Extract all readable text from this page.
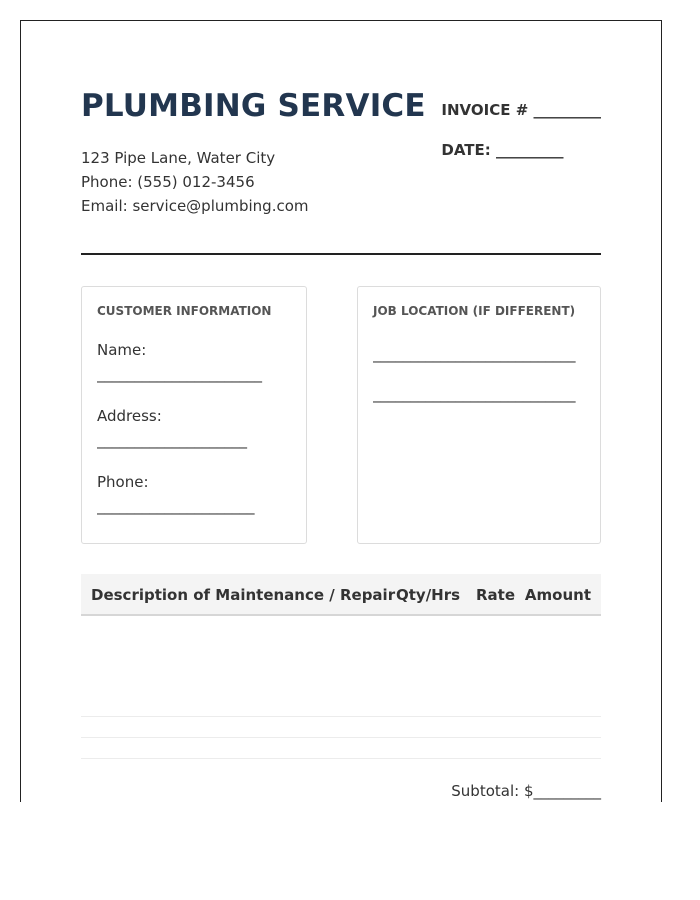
PLUMBING SERVICE
123 Pipe Lane, Water City
Phone: (555) 012-3456
Email: service@plumbing.com
INVOICE # _________
DATE: _________
CUSTOMER INFORMATION
Name:
______________________
Address:
____________________
Phone:
_____________________
JOB LOCATION (IF DIFFERENT)
___________________________
___________________________
Description of Maintenance / Repair Qty/Hrs Rate Amount
Subtotal: $_________
